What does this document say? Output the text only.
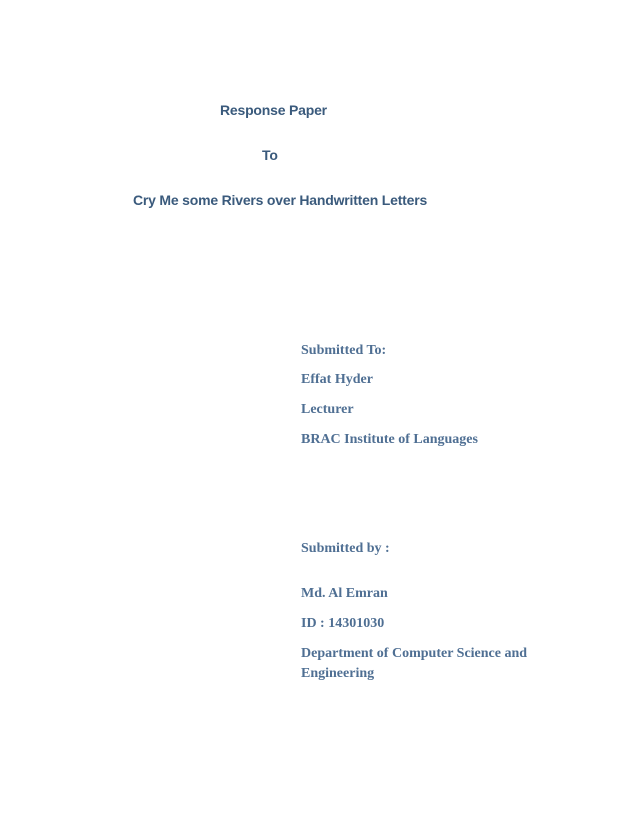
Response Paper
To
Cry Me some Rivers over Handwritten Letters
Submitted To:
Effat Hyder
Lecturer
BRAC Institute of Languages
Submitted by :
Md. Al Emran
ID : 14301030
Department of Computer Science and
Engineering
